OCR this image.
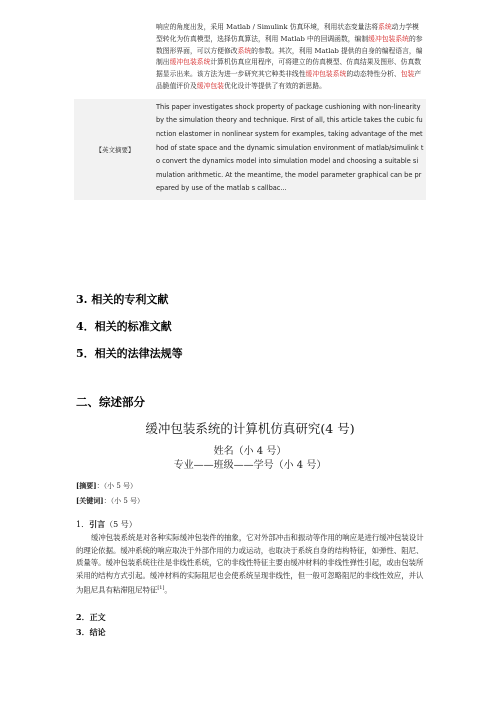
响应的角度出发，采用 Matlab / Simulink 仿真环境，利用状态变量法将系统动力学模型转化为仿真模型，选择仿真算法，利用 Matlab 中的回调函数，编制缓冲包装系统的参数图形界面，可以方便修改系统的参数。其次，利用 Matlab 提供的自身的编程语言，编制出缓冲包装系统计算机仿真应用程序，可将建立的仿真模型、仿真结果及图形、仿真数据显示出来。该方法为进一步研究其它种类非线性缓冲包装系统的动态特性分析、包装产品脆值评价及缓冲包装优化设计等提供了有效的新思路。
【英文摘要】
This paper investigates shock property of package cushioning with non-linearity by the simulation theory and technique. First of all, this article takes the cubic function elastomer in nonlinear system for examples, taking advantage of the method of state space and the dynamic simulation environment of matlab/simulink to convert the dynamics model into simulation model and choosing a suitable simulation arithmetic. At the meantime, the model parameter graphical can be prepared by use of the matlab s callbac...
3. 相关的专利文献
4．相关的标准文献
5．相关的法律法规等
二、综述部分
缓冲包装系统的计算机仿真研究(4 号)
姓名（小 4 号）
专业——班级——学号（小 4 号）
[摘要]：（小 5 号）
[关键词]：（小 5 号）
1．引言（5 号）
缓冲包装系统是对各种实际缓冲包装件的抽象，它对外部冲击和振动等作用的响应是进行缓冲包装设计的理论依据。缓冲系统的响应取决于外部作用的力或运动，也取决于系统自身的结构特征，如弹性、阻尼、质量等。缓冲包装系统往往是非线性系统，它的非线性特征主要由缓冲材料的非线性弹性引起，或由包装所采用的结构方式引起。缓冲材料的实际阻尼也会使系统呈现非线性，但一般可忽略阻尼的非线性效应，并认为阻尼具有粘滞阻尼特征[1]。
2．正文
3．结论
